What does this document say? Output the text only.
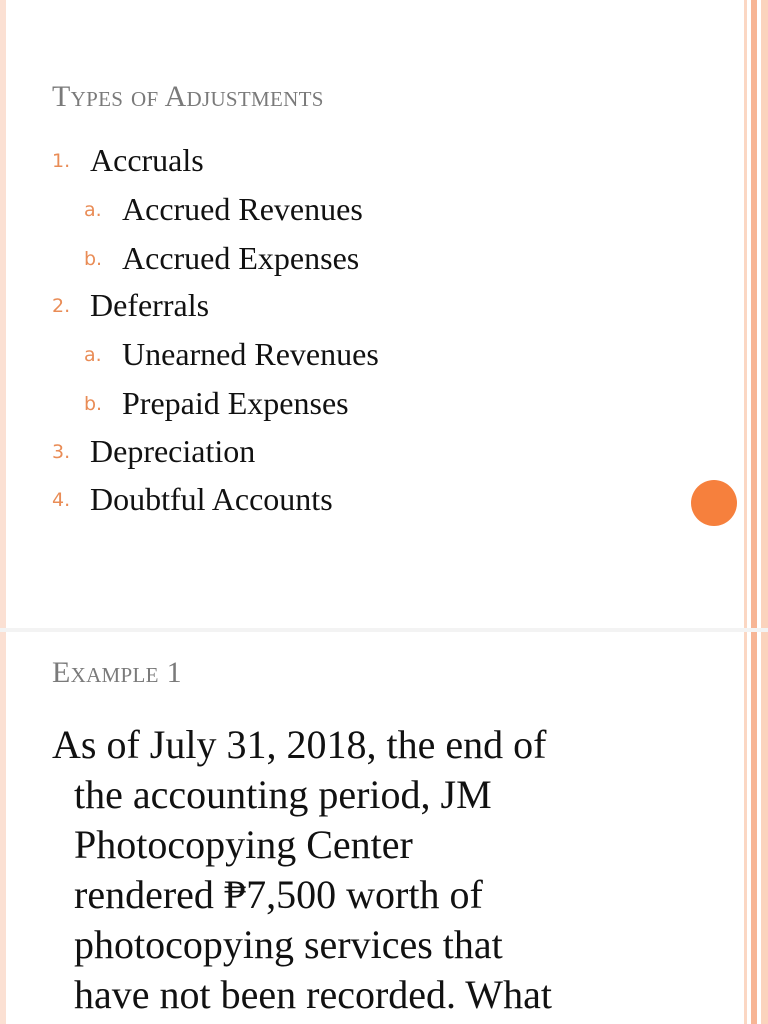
Types of Adjustments
1. Accruals
a. Accrued Revenues
b. Accrued Expenses
2. Deferrals
a. Unearned Revenues
b. Prepaid Expenses
3. Depreciation
4. Doubtful Accounts
Example 1
As of July 31, 2018, the end of
the accounting period, JM
Photocopying Center
rendered ₱7,500 worth of
photocopying services that
have not been recorded. What
